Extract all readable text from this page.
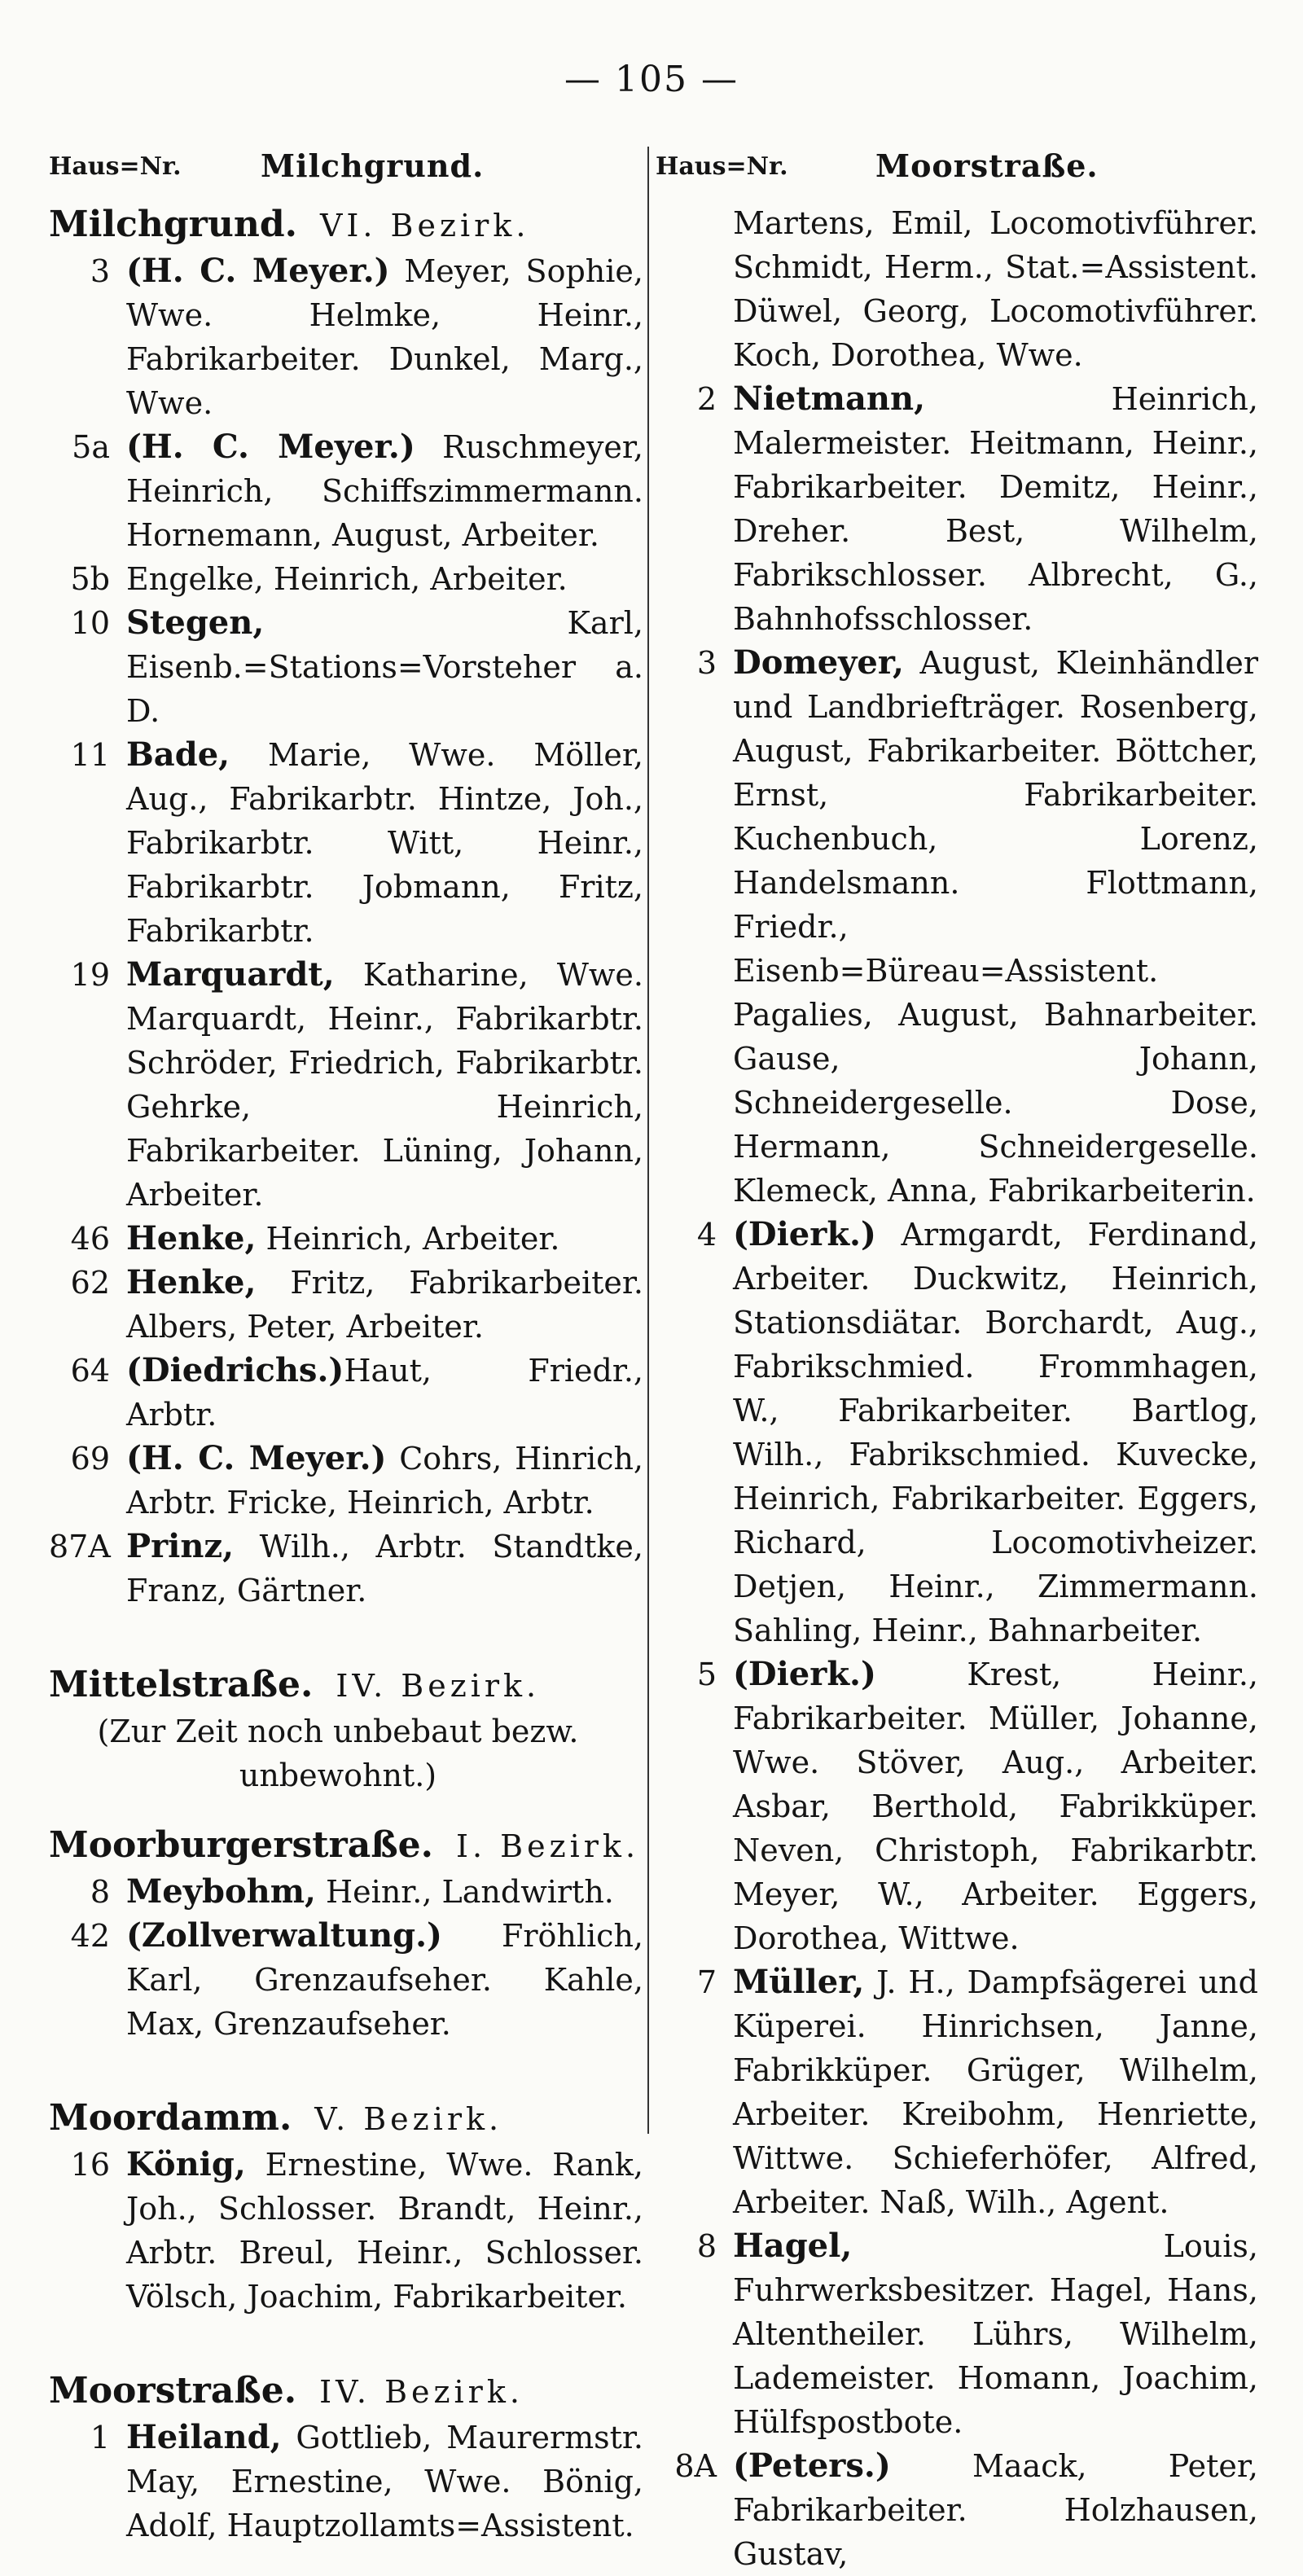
— 105 —
Haus=Nr.	Milchgrund.
Milchgrund. VI. Bezirk.
3 (H. C. Meyer.) Meyer, Sophie, Wwe. Helmke, Heinr., Fabrikarbeiter. Dunkel, Marg., Wwe.
5a (H. C. Meyer.) Ruschmeyer, Heinrich, Schiffszimmermann. Hornemann, August, Arbeiter.
5b Engelke, Heinrich, Arbeiter.
10 Stegen,	Karl, Eisenb.=Stations=Vorsteher a. D.
11 Bade, Marie, Wwe. Möller, Aug., Fabrikarbtr. Hintze, Joh., Fabrikarbtr. Witt, Heinr., Fabrikarbtr. Jobmann, Fritz, Fabrikarbtr.
19 Marquardt, Katharine, Wwe. Marquardt, Heinr., Fabrikarbtr. Schröder, Friedrich, Fabrikarbtr. Gehrke, Heinrich, Fabrikarbeiter. Lüning, Johann, Arbeiter.
46 Henke, Heinrich, Arbeiter.
62 Henke, Fritz, Fabrikarbeiter. Albers, Peter, Arbeiter.
64 (Diedrichs.)Haut, Friedr., Arbtr.
69 (H. C. Meyer.) Cohrs, Hinrich, Arbtr. Fricke, Heinrich, Arbtr.
87A Prinz, Wilh., Arbtr. Standtke, Franz, Gärtner.
Mittelstraße. IV. Bezirk.
(Zur Zeit noch unbebaut bezw. unbewohnt.)
Moorburgerstraße. I. Bezirk.
8 Meybohm, Heinr., Landwirth.
42 (Zollverwaltung.) Fröhlich, Karl, Grenzaufseher. Kahle, Max, Grenzaufseher.
Moordamm. V. Bezirk.
16 König, Ernestine, Wwe. Rank, Joh., Schlosser. Brandt, Heinr., Arbtr. Breul, Heinr., Schlosser. Völsch, Joachim, Fabrikarbeiter.
Moorstraße. IV. Bezirk.
1 Heiland, Gottlieb, Maurermstr. May, Ernestine, Wwe. Bönig, Adolf, Hauptzollamts=Assistent.
Haus=Nr.	Moorstraße.
Martens, Emil, Locomotivführer. Schmidt, Herm., Stat.=Assistent. Düwel, Georg, Locomotivführer. Koch, Dorothea, Wwe.
2 Nietmann,	Heinrich, Malermeister. Heitmann, Heinr., Fabrikarbeiter. Demitz, Heinr., Dreher. Best, Wilhelm, Fabrikschlosser. Albrecht, G., Bahnhofsschlosser.
3 Domeyer, August, Kleinhändler und Landbriefträger. Rosenberg, August, Fabrikarbeiter. Böttcher, Ernst, Fabrikarbeiter. Kuchenbuch, Lorenz, Handelsmann. Flottmann, Friedr., Eisenb=Büreau=Assistent. Pagalies, August, Bahnarbeiter. Gause, Johann, Schneidergeselle. Dose, Hermann, Schneidergeselle. Klemeck, Anna, Fabrikarbeiterin.
4 (Dierk.) Armgardt, Ferdinand, Arbeiter. Duckwitz, Heinrich, Stationsdiätar. Borchardt, Aug., Fabrikschmied. Frommhagen, W., Fabrikarbeiter. Bartlog, Wilh., Fabrikschmied. Kuvecke, Heinrich, Fabrikarbeiter. Eggers, Richard, Locomotivheizer. Detjen, Heinr., Zimmermann. Sahling, Heinr., Bahnarbeiter.
5 (Dierk.)	Krest, Heinr., Fabrikarbeiter. Müller, Johanne, Wwe. Stöver, Aug., Arbeiter. Asbar, Berthold, Fabrikküper. Neven, Christoph, Fabrikarbtr. Meyer, W., Arbeiter. Eggers, Dorothea, Wittwe.
7 Müller, J. H., Dampfsägerei und Küperei. Hinrichsen, Janne, Fabrikküper. Grüger, Wilhelm, Arbeiter. Kreibohm, Henriette, Wittwe. Schieferhöfer, Alfred, Arbeiter. Naß, Wilh., Agent.
8 Hagel,	Louis, Fuhrwerksbesitzer. Hagel, Hans, Altentheiler. Lührs, Wilhelm, Lademeister. Homann, Joachim, Hülfspostbote.
8A (Peters.)	Maack, Peter, Fabrikarbeiter. Holzhausen, Gustav,
